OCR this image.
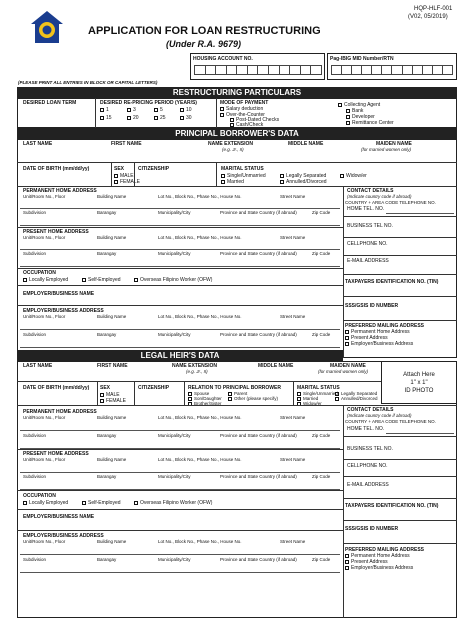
HQP-HLF-001
(V02, 05/2019)
APPLICATION FOR LOAN RESTRUCTURING
(Under R.A. 9679)
HOUSING ACCOUNT NO.	Pag-IBIG MID Number/RTN
(PLEASE PRINT ALL ENTRIES IN BLOCK OR CAPITAL LETTERS)
RESTRUCTURING PARTICULARS
DESIRED LOAN TERM	DESIRED RE-PRICING PERIOD (YEAR/S)
1	3	5	10
15	20	25	30
MODE OF PAYMENT
Salary deduction
Over-the-Counter
Post-Dated Checks
Cash/Check
Collecting Agent
Bank
Developer
Remittance Center
PRINCIPAL BORROWER'S DATA
LAST NAME	FIRST NAME	NAME EXTENSION
(e.g. Jr., II)
MIDDLE NAME	MAIDEN NAME
(for married women only)
DATE OF BIRTH (mm/dd/yy)	SEX
MALE
FEMALE
CITIZENSHIP	MARITAL STATUS
Single/Unmarried	Legally Separated	Widow/er
Married	Annulled/Divorced
PERMANENT HOME ADDRESS
Unit/Room No., Floor	Building Name	Lot No., Block No., Phase No., House No.	Street Name
Subdivision	Barangay	Municipality/City	Province and State Country (if abroad)	Zip Code
PRESENT HOME ADDRESS
Unit/Room No., Floor	Building Name	Lot No., Block No., Phase No., House No.	Street Name
Subdivision	Barangay	Municipality/City	Province and State Country (if abroad)	Zip Code
OCCUPATION
Locally Employed	Self-Employed	Overseas Filipino Worker (OFW)
EMPLOYER/BUSINESS NAME
EMPLOYER/BUSINESS ADDRESS
Unit/Room No., Floor	Building Name	Lot No., Block No., Phase No., House No.	Street Name
Subdivision	Barangay	Municipality/City	Province and State Country (if abroad)	Zip Code
CONTACT DETAILS
(Indicate country code if abroad)
COUNTRY + AREA CODE TELEPHONE NO.
HOME TEL. NO.
BUSINESS TEL NO.
CELLPHONE NO.
E-MAIL ADDRESS
TAXPAYERS IDENTIFICATION NO. (TIN)
SSS/GSIS ID NUMBER
PREFERRED MAILING ADDRESS
Permanent Home Address
Present Address
Employer/Business Address
LEGAL HEIR'S DATA
Attach Here
1" x 1"
ID PHOTO
LAST NAME	FIRST NAME	NAME EXTENSION
(e.g. Jr., II)
MIDDLE NAME	MAIDEN NAME
(for married women only)
DATE OF BIRTH (mm/dd/yy) SEX
MALE
FEMALE
CITIZENSHIP	RELATION TO PRINCIPAL BORROWER
Spouse	Parent
Son/Daughter	Other (please specify)
Brother/Sister
MARITAL STATUS
Single/Unmarried Legally Separated
Married	Annulled/Divorced
Widow/er
PERMANENT HOME ADDRESS
Unit/Room No., Floor	Building Name	Lot No., Block No., Phase No., House No.	Street Name
Subdivision	Barangay	Municipality/City	Province and State Country (if abroad)	Zip Code
PRESENT HOME ADDRESS
Unit/Room No., Floor	Building Name	Lot No., Block No., Phase No., House No.	Street Name
Subdivision	Barangay	Municipality/City	Province and State Country (if abroad)	Zip Code
OCCUPATION
Locally Employed	Self-Employed	Overseas Filipino Worker (OFW)
EMPLOYER/BUSINESS NAME
EMPLOYER/BUSINESS ADDRESS
Unit/Room No., Floor	Building Name	Lot No., Block No., Phase No., House No.	Street Name
Subdivision	Barangay	Municipality/City	Province and State Country (if abroad)	Zip Code
CONTACT DETAILS
(Indicate country code if abroad)
COUNTRY + AREA CODE TELEPHONE NO.
HOME TEL. NO.
BUSINESS TEL NO.
CELLPHONE NO.
E-MAIL ADDRESS
TAXPAYERS IDENTIFICATION NO. (TIN)
SSS/GSIS ID NUMBER
PREFERRED MAILING ADDRESS
Permanent Home Address
Present Address
Employer/Business Address
